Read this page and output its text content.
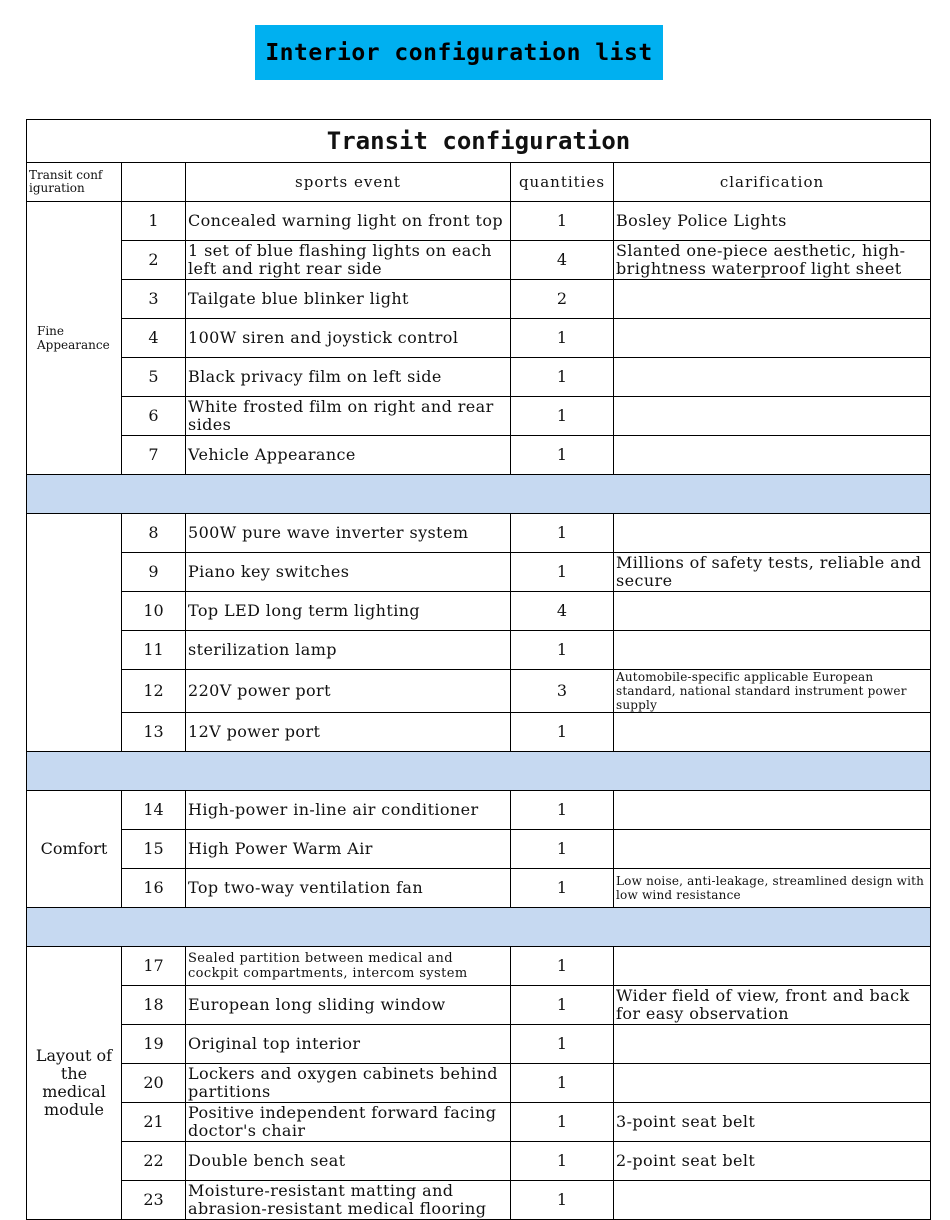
Interior configuration list
Transit configuration				
Transit conf iguration		sports event	quantities	clarification
Fine Appearance	1	Concealed warning light on front top	1	Bosley Police Lights
	2	1 set of blue flashing lights on each left and right rear side	4	Slanted one-piece aesthetic, high-brightness waterproof light sheet
	3	Tailgate blue blinker light	2	
	4	100W siren and joystick control	1	
	5	Black privacy film on left side	1	
	6	White frosted film on right and rear sides	1	
	7	Vehicle Appearance	1	

	8	500W pure wave inverter system	1	
	9	Piano key switches	1	Millions of safety tests, reliable and secure
	10	Top LED long term lighting	4	
	11	sterilization lamp	1	
	12	220V power port	3	Automobile-specific applicable European standard, national standard instrument power supply
	13	12V power port	1	

Comfort	14	High-power in-line air conditioner	1	
	15	High Power Warm Air	1	
	16	Top two-way ventilation fan	1	Low noise, anti-leakage, streamlined design with low wind resistance

Layout of the medical module	17	Sealed partition between medical and cockpit compartments, intercom system	1	
	18	European long sliding window	1	Wider field of view, front and back for easy observation
	19	Original top interior	1	
	20	Lockers and oxygen cabinets behind partitions	1	
	21	Positive independent forward facing doctor's chair	1	3-point seat belt
	22	Double bench seat	1	2-point seat belt
	23	Moisture-resistant matting and abrasion-resistant medical flooring	1	
